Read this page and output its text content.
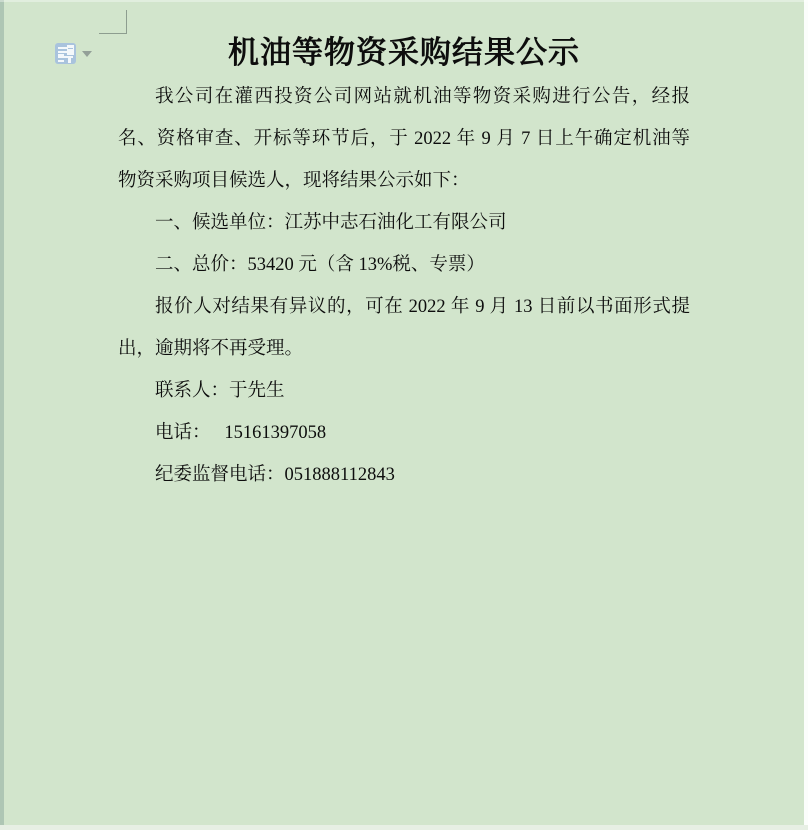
机油等物资采购结果公示
我公司在灌西投资公司网站就机油等物资采购进行公告，经报
名、资格审查、开标等环节后，于 2022 年 9 月 7 日上午确定机油等
物资采购项目候选人，现将结果公示如下：
一、候选单位：江苏中志石油化工有限公司
二、总价：53420 元（含 13%税、专票）
报价人对结果有异议的，可在 2022 年 9 月 13 日前以书面形式提
出，逾期将不再受理。
联系人：于先生
电话：   15161397058
纪委监督电话：051888112843
